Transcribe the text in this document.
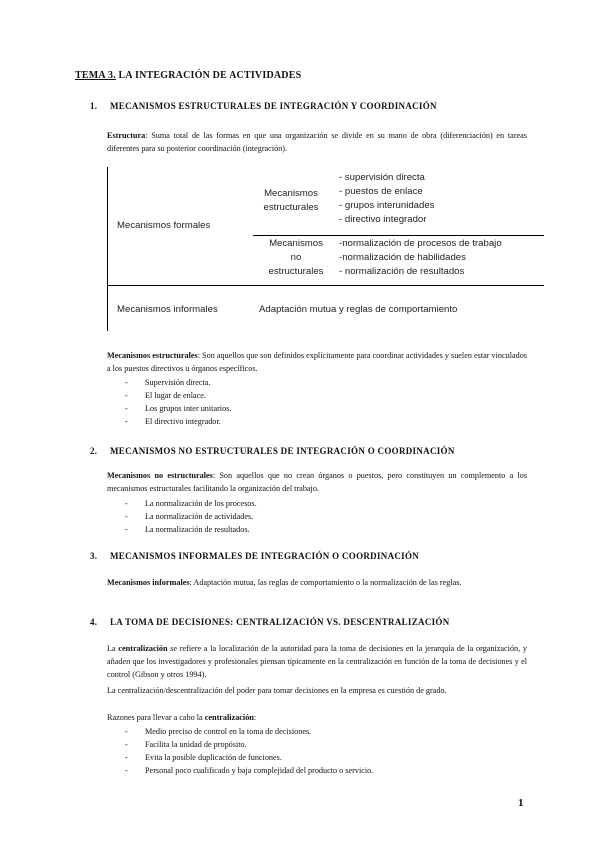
TEMA 3. LA INTEGRACIÓN DE ACTIVIDADES
1. MECANISMOS ESTRUCTURALES DE INTEGRACIÓN Y COORDINACIÓN
Estructura: Suma total de las formas en que una organización se divide en su mano de obra (diferenciación) en tareas diferentes para su posterior coordinación (integración).
Mecanismos formales
Mecanismos estructurales
- supervisión directa
- puestos de enlace
- grupos interunidades
- directivo integrador
Mecanismos
no
estructurales
-normalización de procesos de trabajo
-normalización de habilidades
- normalización de resultados
Mecanismos informales	Adaptación mutua y reglas de comportamiento
Mecanismos estructurales: Son aquellos que son definidos explícitamente para coordinar actividades y suelen estar vinculados a los puestos directivos u órganos específicos.
- Supervisión directa.
- El lugar de enlace.
- Los grupos inter unitarios.
- El directivo integrador.
2. MECANISMOS NO ESTRUCTURALES DE INTEGRACIÓN O COORDINACIÓN
Mecanismos no estructurales: Son aquellos que no crean órganos o puestos, pero constituyen un complemento a los mecanismos estructurales facilitando la organización del trabajo.
- La normalización de los procesos.
- La normalización de actividades.
- La normalización de resultados.
3. MECANISMOS INFORMALES DE INTEGRACIÓN O COORDINACIÓN
Mecanismos informales: Adaptación mutua, las reglas de comportamiento o la normalización de las reglas.
4. LA TOMA DE DECISIONES: CENTRALIZACIÓN VS. DESCENTRALIZACIÓN
La centralización se refiere a la localización de la autoridad para la toma de decisiones en la jerarquía de la organización, y añaden que los investigadores y profesionales piensan típicamente en la centralización en función de la toma de decisiones y el control (Gibson y otros 1994).
La centralización/descentralización del poder para tomar decisiones en la empresa es cuestión de grado.
Razones para llevar a cabo la centralización:
- Medio preciso de control en la toma de decisiones.
- Facilita la unidad de propósito.
- Evita la posible duplicación de funciones.
- Personal poco cualificado y baja complejidad del producto o servicio.
1
